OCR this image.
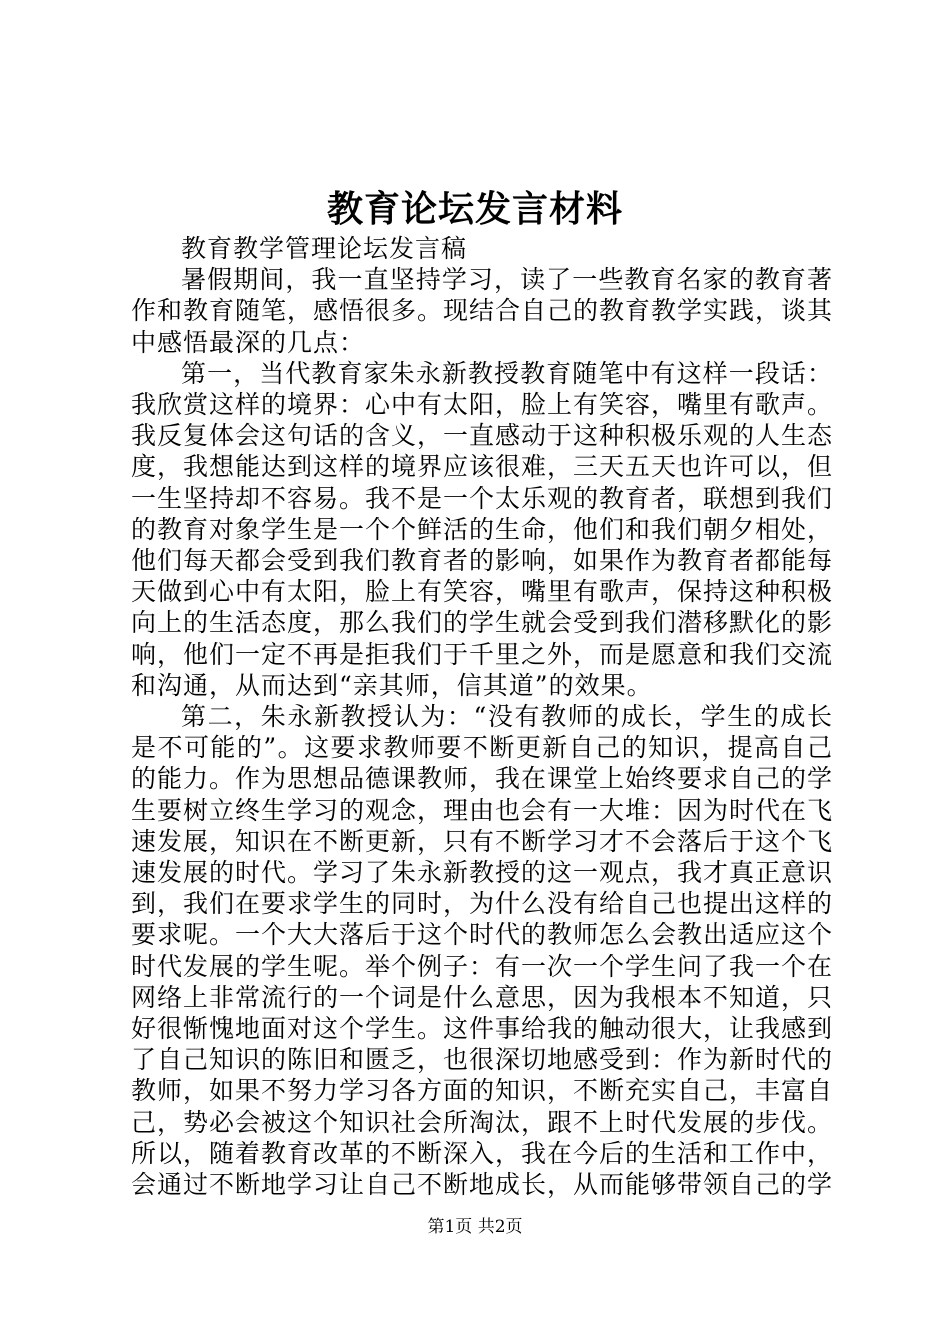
教育论坛发言材料

教育教学管理论坛发言稿

暑假期间，我一直坚持学习，读了一些教育名家的教育著作和教育随笔，感悟很多。现结合自己的教育教学实践，谈其中感悟最深的几点：

第一，当代教育家朱永新教授教育随笔中有这样一段话：我欣赏这样的境界：心中有太阳，脸上有笑容，嘴里有歌声。我反复体会这句话的含义，一直感动于这种积极乐观的人生态度，我想能达到这样的境界应该很难，三天五天也许可以，但一生坚持却不容易。我不是一个太乐观的教育者，联想到我们的教育对象学生是一个个鲜活的生命，他们和我们朝夕相处，他们每天都会受到我们教育者的影响，如果作为教育者都能每天做到心中有太阳，脸上有笑容，嘴里有歌声，保持这种积极向上的生活态度，那么我们的学生就会受到我们潜移默化的影响，他们一定不再是拒我们于千里之外，而是愿意和我们交流和沟通，从而达到“亲其师，信其道”的效果。

第二，朱永新教授认为：“没有教师的成长，学生的成长是不可能的”。这要求教师要不断更新自己的知识，提高自己的能力。作为思想品德课教师，我在课堂上始终要求自己的学生要树立终生学习的观念，理由也会有一大堆：因为时代在飞速发展，知识在不断更新，只有不断学习才不会落后于这个飞速发展的时代。学习了朱永新教授的这一观点，我才真正意识到，我们在要求学生的同时，为什么没有给自己也提出这样的要求呢。一个大大落后于这个时代的教师怎么会教出适应这个时代发展的学生呢。举个例子：有一次一个学生问了我一个在网络上非常流行的一个词是什么意思，因为我根本不知道，只好很惭愧地面对这个学生。这件事给我的触动很大，让我感到了自己知识的陈旧和匮乏，也很深切地感受到：作为新时代的教师，如果不努力学习各方面的知识，不断充实自己，丰富自己，势必会被这个知识社会所淘汰，跟不上时代发展的步伐。所以，随着教育改革的不断深入，我在今后的生活和工作中，会通过不断地学习让自己不断地成长，从而能够带领自己的学

第1页 共2页
